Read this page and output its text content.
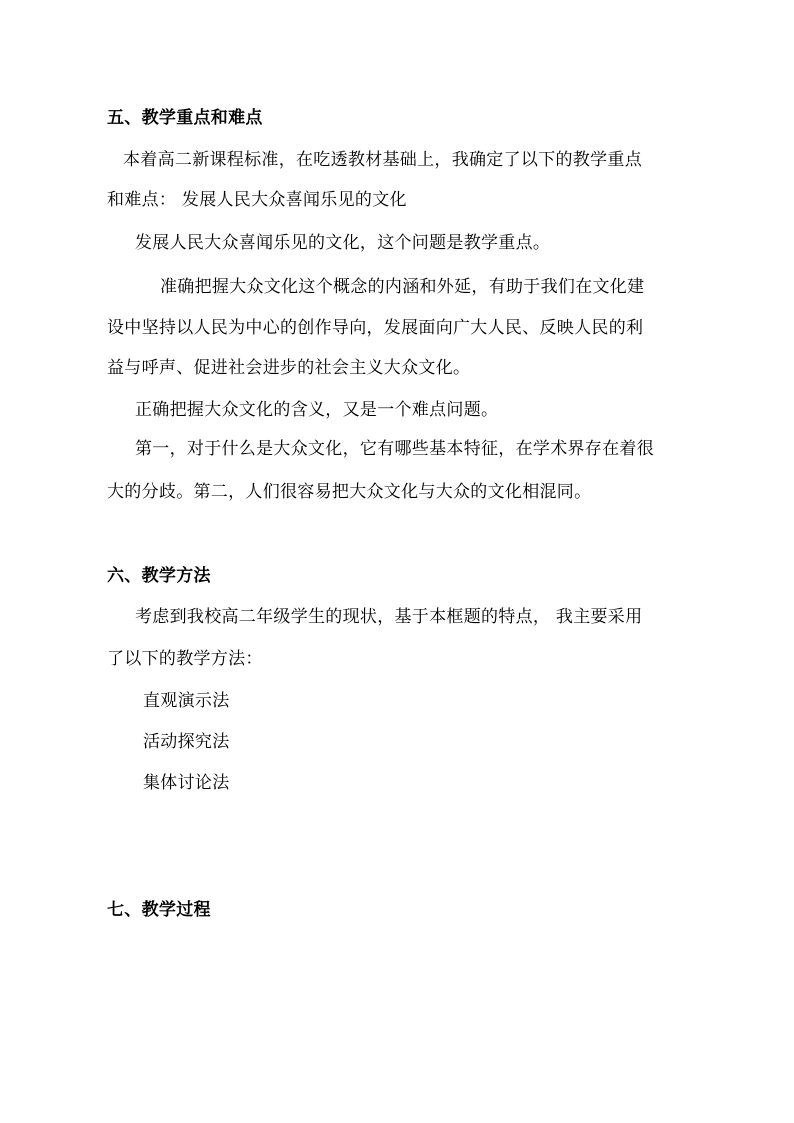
五、教学重点和难点
本着高二新课程标准，在吃透教材基础上，我确定了以下的教学重点
和难点： 发展人民大众喜闻乐见的文化
发展人民大众喜闻乐见的文化，这个问题是教学重点。
准确把握大众文化这个概念的内涵和外延，有助于我们在文化建
设中坚持以人民为中心的创作导向，发展面向广大人民、反映人民的利
益与呼声、促进社会进步的社会主义大众文化。
正确把握大众文化的含义，又是一个难点问题。
第一，对于什么是大众文化，它有哪些基本特征，在学术界存在着很
大的分歧。第二，人们很容易把大众文化与大众的文化相混同。
六、教学方法
考虑到我校高二年级学生的现状，基于本框题的特点， 我主要采用
了以下的教学方法：
直观演示法
活动探究法
集体讨论法
七、教学过程
